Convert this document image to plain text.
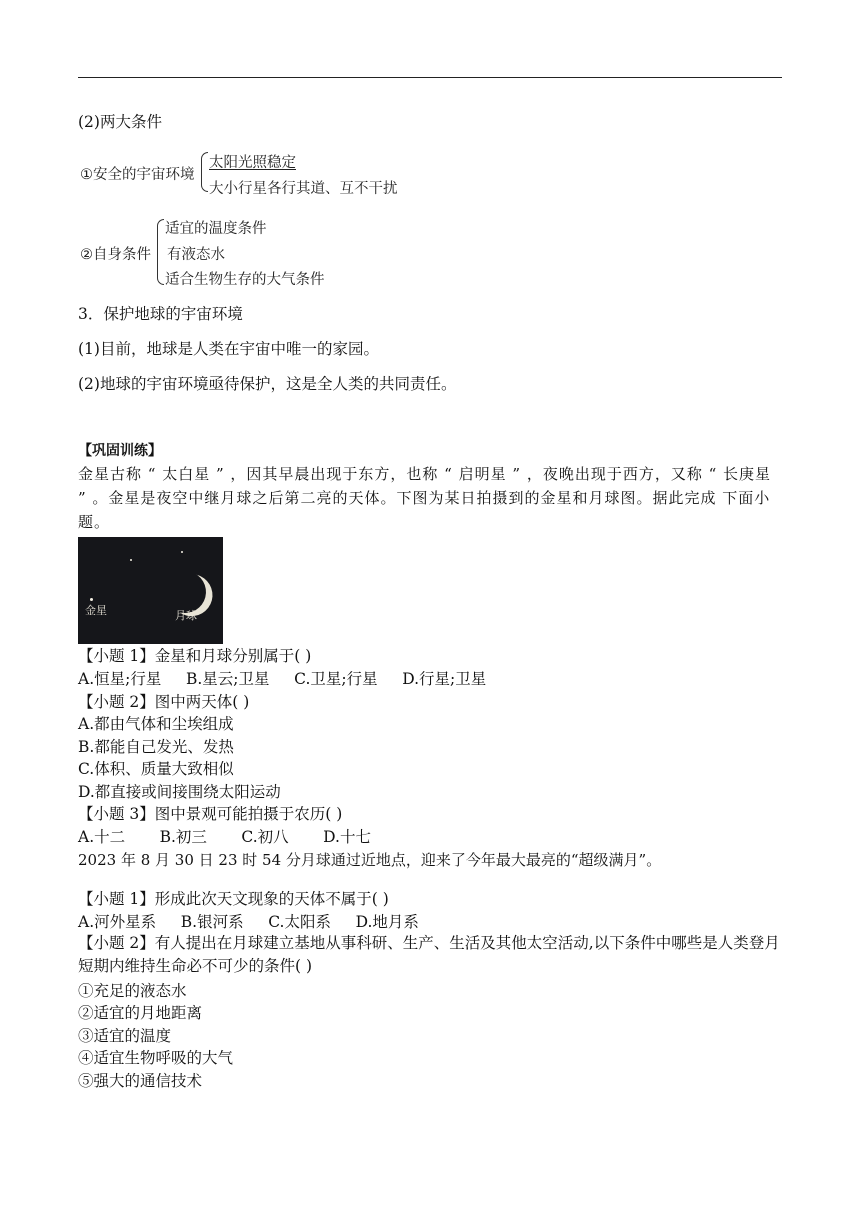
(2)两大条件
①安全的宇宙环境
太阳光照稳定
大小行星各行其道、互不干扰
②自身条件
适宜的温度条件
有液态水
适合生物生存的大气条件
3．保护地球的宇宙环境
(1)目前，地球是人类在宇宙中唯一的家园。
(2)地球的宇宙环境亟待保护，这是全人类的共同责任。
【巩固训练】
金星古称 “ 太白星 ” ，因其早晨出现于东方，也称 “ 启明星 ” ，夜晚出现于西方，又称 “ 长庚星 ” 。金星是夜空中继月球之后第二亮的天体。下图为某日拍摄到的金星和月球图。据此完成 下面小 题。
金星	月球
【小题 1】金星和月球分别属于( )
A.恒星;行星     B.星云;卫星     C.卫星;行星     D.行星;卫星
【小题 2】图中两天体( )
A.都由气体和尘埃组成
B.都能自己发光、发热
C.体积、质量大致相似
D.都直接或间接围绕太阳运动
【小题 3】图中景观可能拍摄于农历( )
A.十二       B.初三       C.初八       D.十七
2023 年 8 月 30 日 23 时 54 分月球通过近地点，迎来了今年最大最亮的“超级满月”。
【小题 1】形成此次天文现象的天体不属于( )
A.河外星系     B.银河系     C.太阳系     D.地月系
【小题 2】有人提出在月球建立基地从事科研、生产、生活及其他太空活动,以下条件中哪些是人类登月短期内维持生命必不可少的条件( )
①充足的液态水
②适宜的月地距离
③适宜的温度
④适宜生物呼吸的大气
⑤强大的通信技术
